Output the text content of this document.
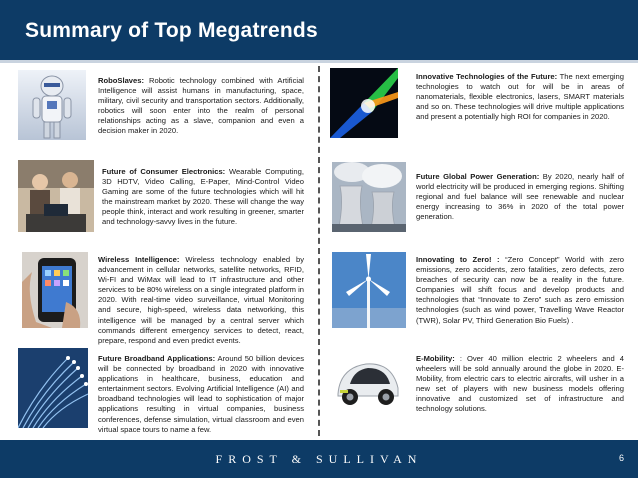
Summary of Top Megatrends
RoboSlaves: Robotic technology combined with Artificial Intelligence will assist humans in manufacturing, space, military, civil security and transportation sectors. Additionally, robotics will soon enter into the realm of personal relationships acting as a slave, companion and even a decision maker in 2020.
Future of Consumer Electronics: Wearable Computing, 3D HDTV, Video Calling, E-Paper, Mind-Control Video Gaming are some of the future technologies which will hit the mainstream market by 2020. These will change the way people think, interact and work resulting in greener, smarter and technology-savvy lives in the future.
Wireless Intelligence: Wireless technology enabled by advancement in cellular networks, satellite networks, RFID, Wi-FI and WiMax will lead to IT infrastructure and other services to be 80% wireless on a single integrated platform in 2020. With real-time video surveillance, virtual Monitoring and secure, high-speed, wireless data networking, this intelligence will be managed by a central server which commands different emergency services to detect, react, prepare, respond and even predict events.
Future Broadband Applications: Around 50 billion devices will be connected by broadband in 2020 with innovative applications in healthcare, business, education and entertainment sectors. Evolving Artificial Intelligence (AI) and broadband technologies will lead to sophistication of major applications resulting in virtual companies, business conferences, defense simulation, virtual classroom and even virtual space tours to name a few.
Innovative Technologies of the Future: The next emerging technologies to watch out for will be in areas of nanomaterials, flexible electronics, lasers, SMART materials and so on. These technologies will drive multiple applications and present a potentially high ROI for companies in 2020.
Future Global Power Generation: By 2020, nearly half of world electricity will be produced in emerging regions. Shifting regional and fuel balance will see renewable and nuclear energy increasing to 36% in 2020 of the total power generation.
Innovating to Zero! : “Zero Concept” World with zero emissions, zero accidents, zero fatalities, zero defects, zero breaches of security can now be a reality in the future. Companies will shift focus and develop products and technologies that “Innovate to Zero” such as zero emission technologies (such as wind power, Travelling Wave Reactor (TWR), Solar PV, Third Generation Bio Fuels) .
E-Mobility: : Over 40 million electric 2 wheelers and 4 wheelers will be sold annually around the globe in 2020. E-Mobility, from electric cars to electric aircrafts, will usher in a new set of players with new business models offering innovative and customized set of infrastructure and technology solutions.
FROST & SULLIVAN	6
